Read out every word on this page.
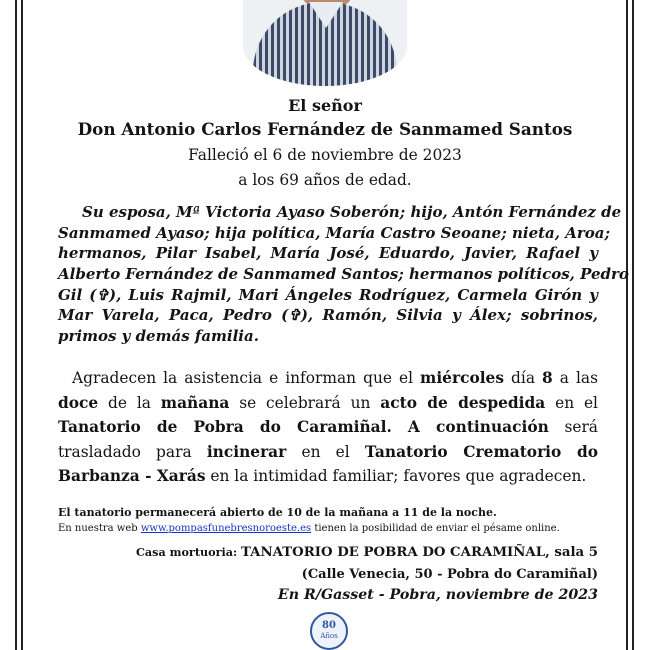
El señor
Don Antonio Carlos Fernández de Sanmamed Santos
Falleció el 6 de noviembre de 2023
a los 69 años de edad.
Su esposa, Mª Victoria Ayaso Soberón; hijo, Antón Fernández de
Sanmamed Ayaso; hija política, María Castro Seoane; nieta, Aroa;
hermanos, Pilar Isabel, María José, Eduardo, Javier, Rafael y
Alberto Fernández de Sanmamed Santos; hermanos políticos, Pedro
Gil (✞), Luis Rajmil, Mari Ángeles Rodríguez, Carmela Girón y
Mar Varela, Paca, Pedro (✞), Ramón, Silvia y Álex; sobrinos,
primos y demás familia.
Agradecen la asistencia e informan que el miércoles día 8 a las
doce de la mañana se celebrará un acto de despedida en el
Tanatorio de Pobra do Caramiñal. A continuación será
trasladado para incinerar en el Tanatorio Crematorio do
Barbanza - Xarás en la intimidad familiar; favores que agradecen.
El tanatorio permanecerá abierto de 10 de la mañana a 11 de la noche.
En nuestra web www.pompasfunebresnoroeste.es tienen la posibilidad de enviar el pésame online.
Casa mortuoria: TANATORIO DE POBRA DO CARAMIÑAL, sala 5
(Calle Venecia, 50 - Pobra do Caramiñal)
En R/Gasset - Pobra, noviembre de 2023
80
Años
